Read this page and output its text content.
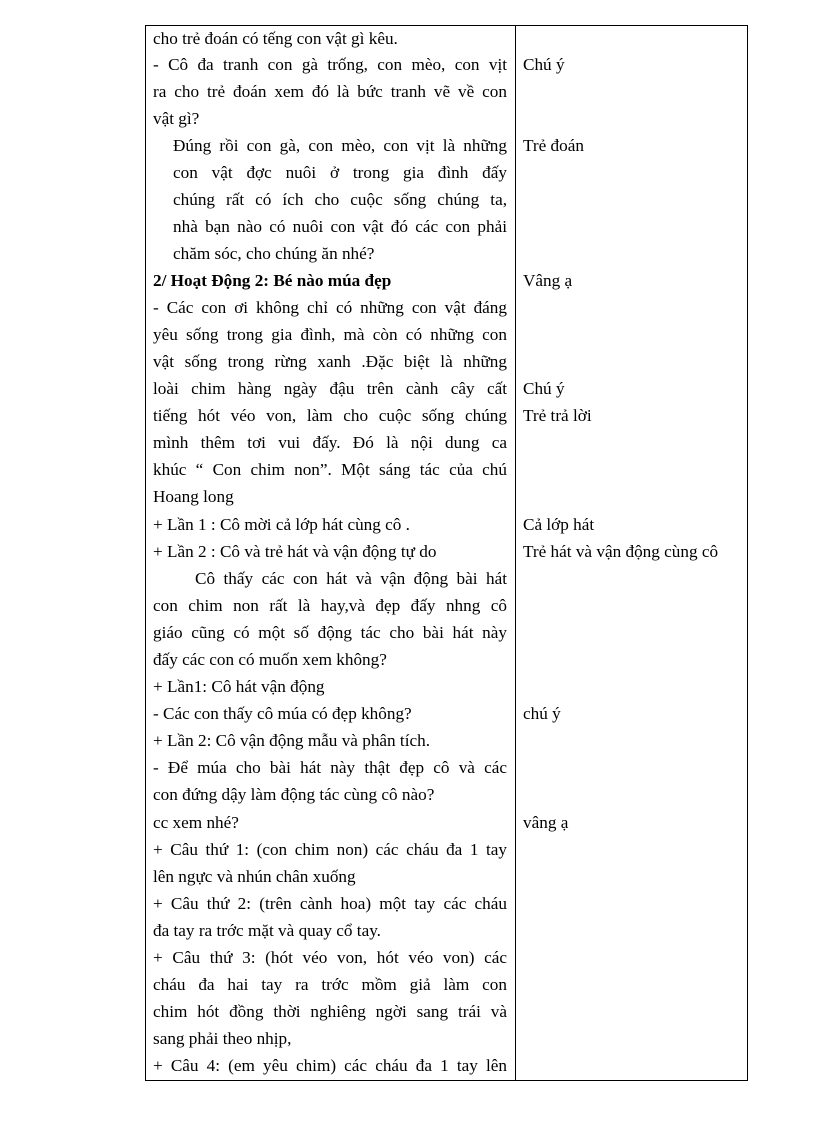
cho trẻ đoán có tếng con vật gì kêu.
- Cô đa tranh con gà trống, con mèo, con vịt
ra cho trẻ đoán xem đó là bức tranh vẽ về con
vật gì?
Đúng rồi con gà, con mèo, con vịt là những
con vật đợc nuôi ở trong gia đình đấy
chúng rất có ích cho cuộc sống chúng ta,
nhà bạn nào có nuôi con vật đó các con phải
chăm sóc, cho chúng ăn nhé?
2/ Hoạt Động 2: Bé nào múa đẹp
- Các con ơi không chỉ có những con vật đáng
yêu sống trong gia đình, mà còn có những con
vật sống trong rừng xanh .Đặc biệt là những
loài chim hàng ngày đậu trên cành cây cất
tiếng hót véo von, làm cho cuộc sống chúng
mình thêm tơi vui đấy. Đó là nội dung ca
khúc “ Con chim non”. Một sáng tác của chú
Hoang long
+ Lần 1 : Cô mời cả lớp hát cùng cô .
+ Lần 2 : Cô và trẻ hát và vận động tự do
Cô thấy các con hát và vận động bài hát
con chim non rất là hay,và đẹp đấy nhng cô
giáo cũng có một số động tác cho bài hát này
đấy các con có muốn xem không?
+ Lần1: Cô hát vận động
- Các con thấy cô múa có đẹp không?
+ Lần 2: Cô vận động mẫu và phân tích.
- Để múa cho bài hát này thật đẹp cô và các
con đứng dậy làm động tác cùng cô nào?
cc xem nhé?
+ Câu thứ 1: (con chim non) các cháu đa 1 tay
lên ngực và nhún chân xuống
+ Câu thứ 2: (trên cành hoa) một tay các cháu
đa tay ra trớc mặt và quay cổ tay.
+ Câu thứ 3: (hót véo von, hót véo von) các
cháu đa hai tay ra trớc mồm giả làm con
chim hót đồng thời nghiêng ngời sang trái và
sang phải theo nhịp,
+ Câu 4: (em yêu chim) các cháu đa 1 tay lên
Chú ý
Trẻ đoán
Vâng ạ
Chú ý
Trẻ trả lời
Cả lớp hát
Trẻ hát và vận động cùng cô
chú ý
vâng ạ
